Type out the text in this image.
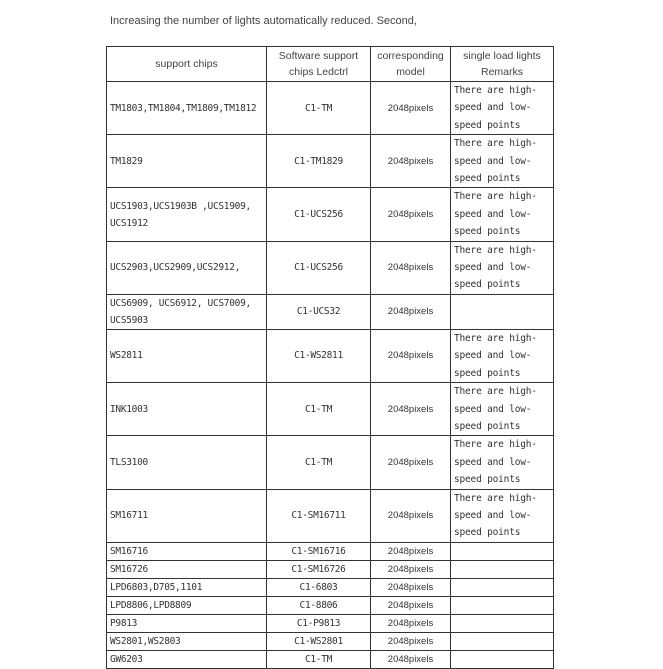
Increasing the number of lights automatically reduced. Second,
support chips	Software support chips Ledctrl	corresponding model	single load lights Remarks
TM1803,TM1804,TM1809,TM1812	C1-TM	2048pixels	There are high-speed and low-speed points
TM1829	C1-TM1829	2048pixels	There are high-speed and low-speed points
UCS1903,UCS1903B ,UCS1909, UCS1912	C1-UCS256	2048pixels	There are high-speed and low-speed points
UCS2903,UCS2909,UCS2912,	C1-UCS256	2048pixels	There are high-speed and low-speed points
UCS6909, UCS6912, UCS7009, UCS5903	C1-UCS32	2048pixels	
WS2811	C1-WS2811	2048pixels	There are high-speed and low-speed points
INK1003	C1-TM	2048pixels	There are high-speed and low-speed points
TLS3100	C1-TM	2048pixels	There are high-speed and low-speed points
SM16711	C1-SM16711	2048pixels	There are high-speed and low-speed points
SM16716	C1-SM16716	2048pixels	
SM16726	C1-SM16726	2048pixels	
LPD6803,D705,1101	C1-6803	2048pixels	
LPD8806,LPD8809	C1-8806	2048pixels	
P9813	C1-P9813	2048pixels	
WS2801,WS2803	C1-WS2801	2048pixels	
GW6203	C1-TM	2048pixels	
